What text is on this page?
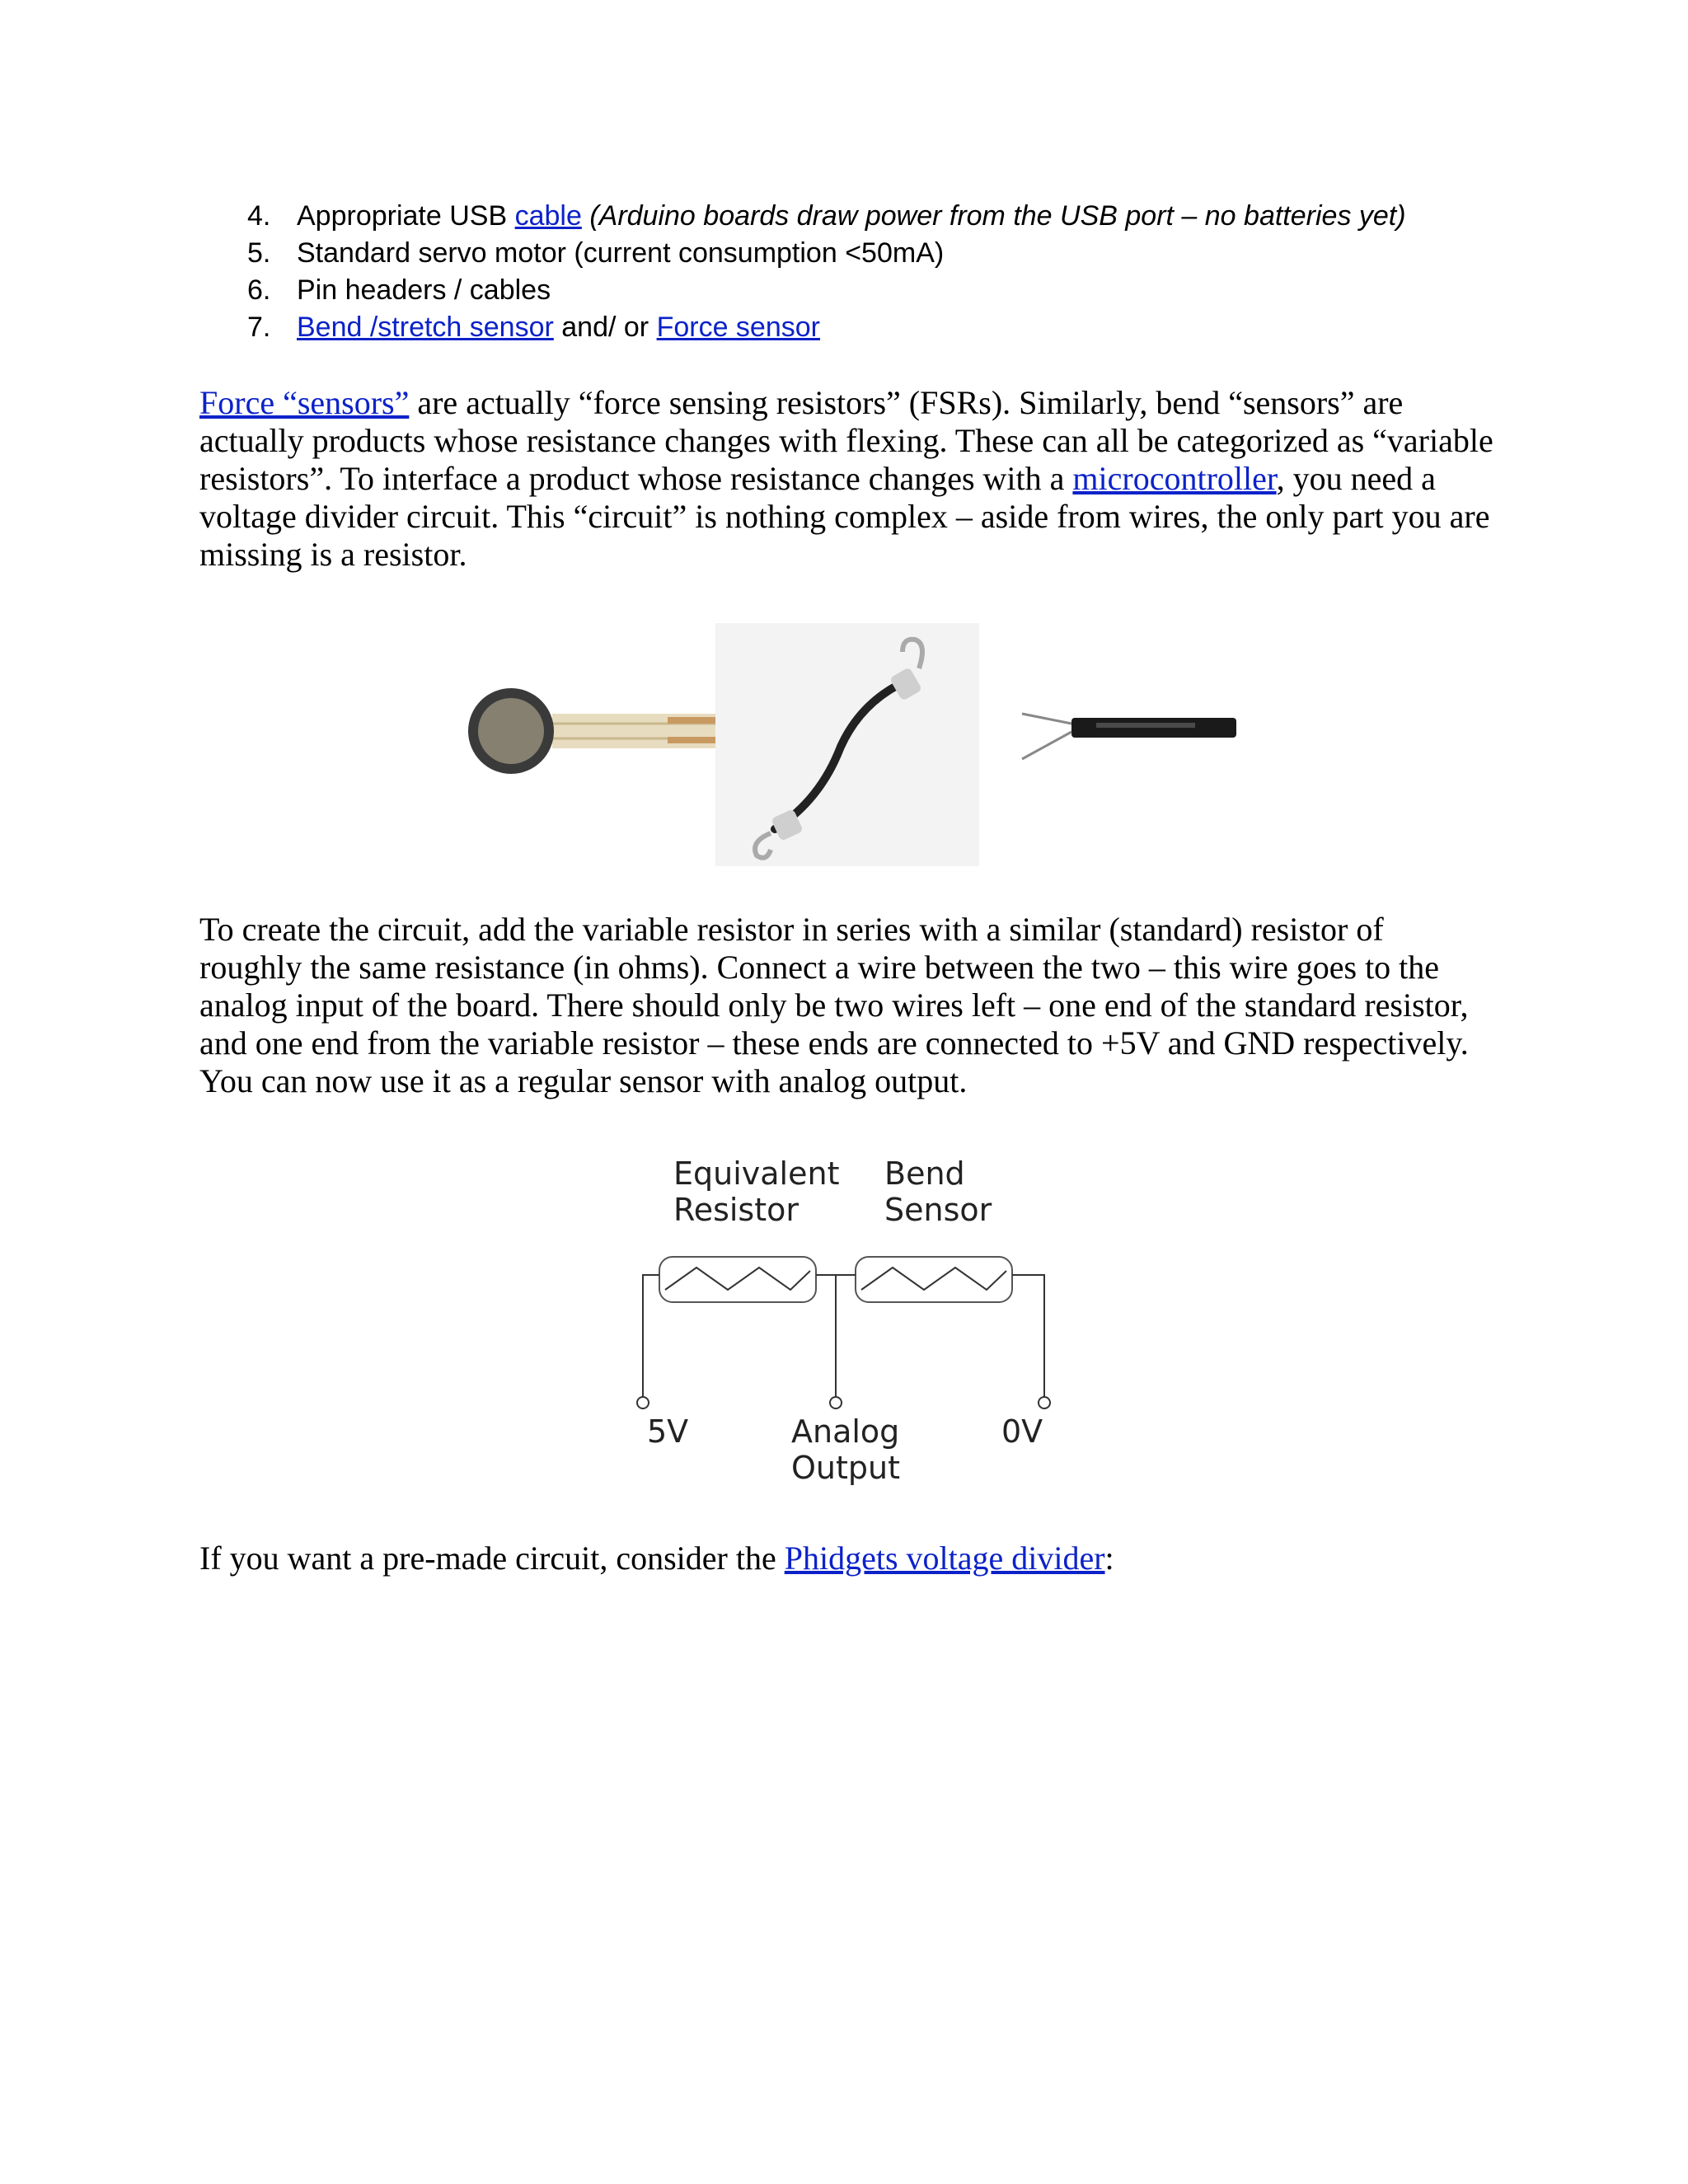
4. Appropriate USB cable (Arduino boards draw power from the USB port – no batteries yet)
5. Standard servo motor (current consumption <50mA)
6. Pin headers / cables
7. Bend /stretch sensor and/ or Force sensor

Force “sensors” are actually “force sensing resistors” (FSRs). Similarly, bend “sensors” are actually products whose resistance changes with flexing. These can all be categorized as “variable resistors”. To interface a product whose resistance changes with a microcontroller, you need a voltage divider circuit. This “circuit” is nothing complex – aside from wires, the only part you are missing is a resistor.

To create the circuit, add the variable resistor in series with a similar (standard) resistor of roughly the same resistance (in ohms). Connect a wire between the two – this wire goes to the analog input of the board. There should only be two wires left – one end of the standard resistor, and one end from the variable resistor – these ends are connected to +5V and GND respectively. You can now use it as a regular sensor with analog output.

Equivalent
Resistor
Bend
Sensor
5V	Analog
Output
0V

If you want a pre-made circuit, consider the Phidgets voltage divider:
